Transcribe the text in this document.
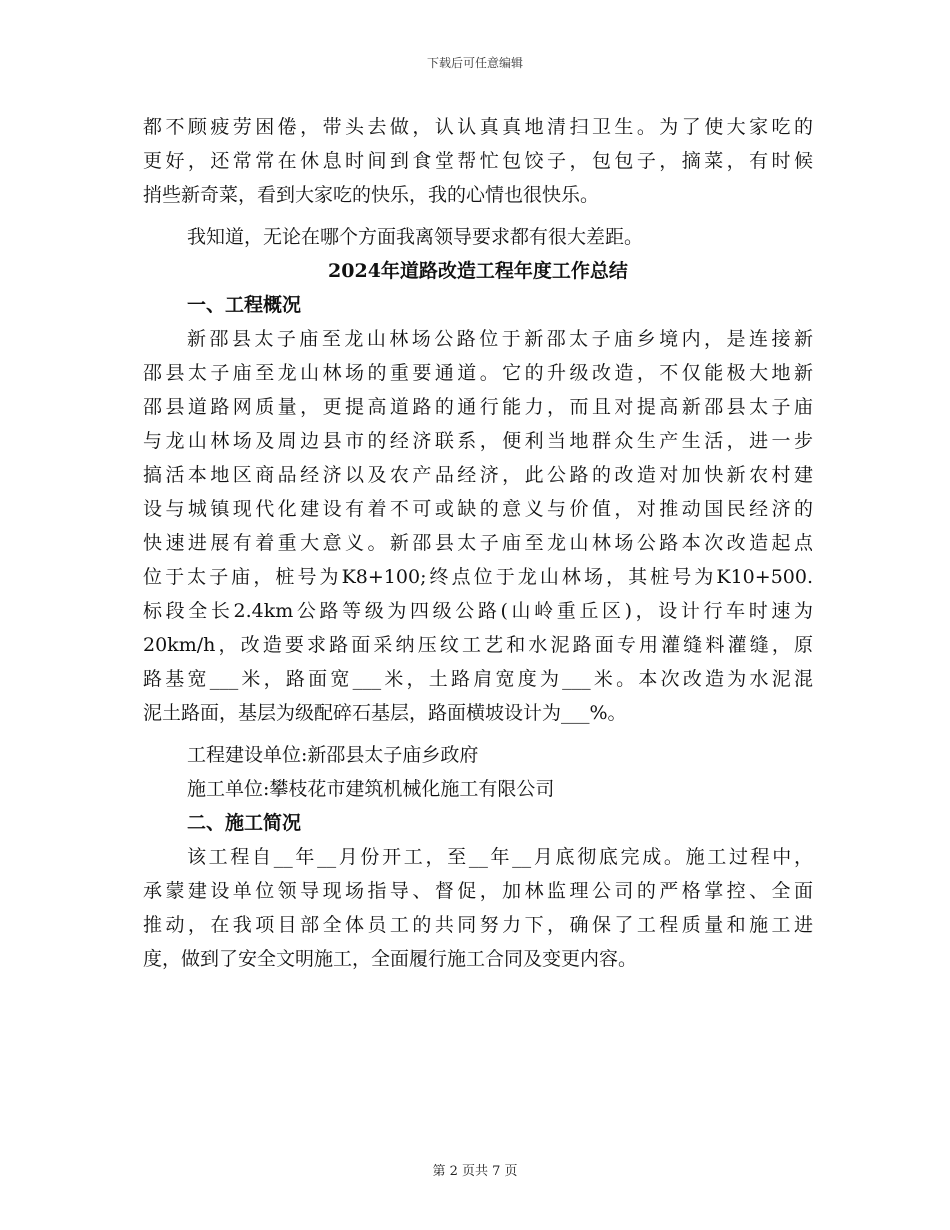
下载后可任意编辑
都不顾疲劳困倦，带头去做，认认真真地清扫卫生。为了使大家吃的
更好，还常常在休息时间到食堂帮忙包饺子，包包子，摘菜，有时候
捎些新奇菜，看到大家吃的快乐，我的心情也很快乐。
我知道，无论在哪个方面我离领导要求都有很大差距。
2024年道路改造工程年度工作总结
一、工程概况
新邵县太子庙至龙山林场公路位于新邵太子庙乡境内，是连接新
邵县太子庙至龙山林场的重要通道。它的升级改造，不仅能极大地新
邵县道路网质量，更提高道路的通行能力，而且对提高新邵县太子庙
与龙山林场及周边县市的经济联系，便利当地群众生产生活，进一步
搞活本地区商品经济以及农产品经济，此公路的改造对加快新农村建
设与城镇现代化建设有着不可或缺的意义与价值，对推动国民经济的
快速进展有着重大意义。新邵县太子庙至龙山林场公路本次改造起点
位于太子庙，桩号为K8+100;终点位于龙山林场，其桩号为K10+500.
标段全长2.4km公路等级为四级公路(山岭重丘区)，设计行车时速为
20km/h，改造要求路面采纳压纹工艺和水泥路面专用灌缝料灌缝，原
路基宽___米，路面宽___米，土路肩宽度为___米。本次改造为水泥混
泥土路面，基层为级配碎石基层，路面横坡设计为___%。
工程建设单位:新邵县太子庙乡政府
施工单位:攀枝花市建筑机械化施工有限公司
二、施工简况
该工程自__年__月份开工，至__年__月底彻底完成。施工过程中，
承蒙建设单位领导现场指导、督促，加林监理公司的严格掌控、全面
推动，在我项目部全体员工的共同努力下，确保了工程质量和施工进
度，做到了安全文明施工，全面履行施工合同及变更内容。
第 2 页共 7 页
